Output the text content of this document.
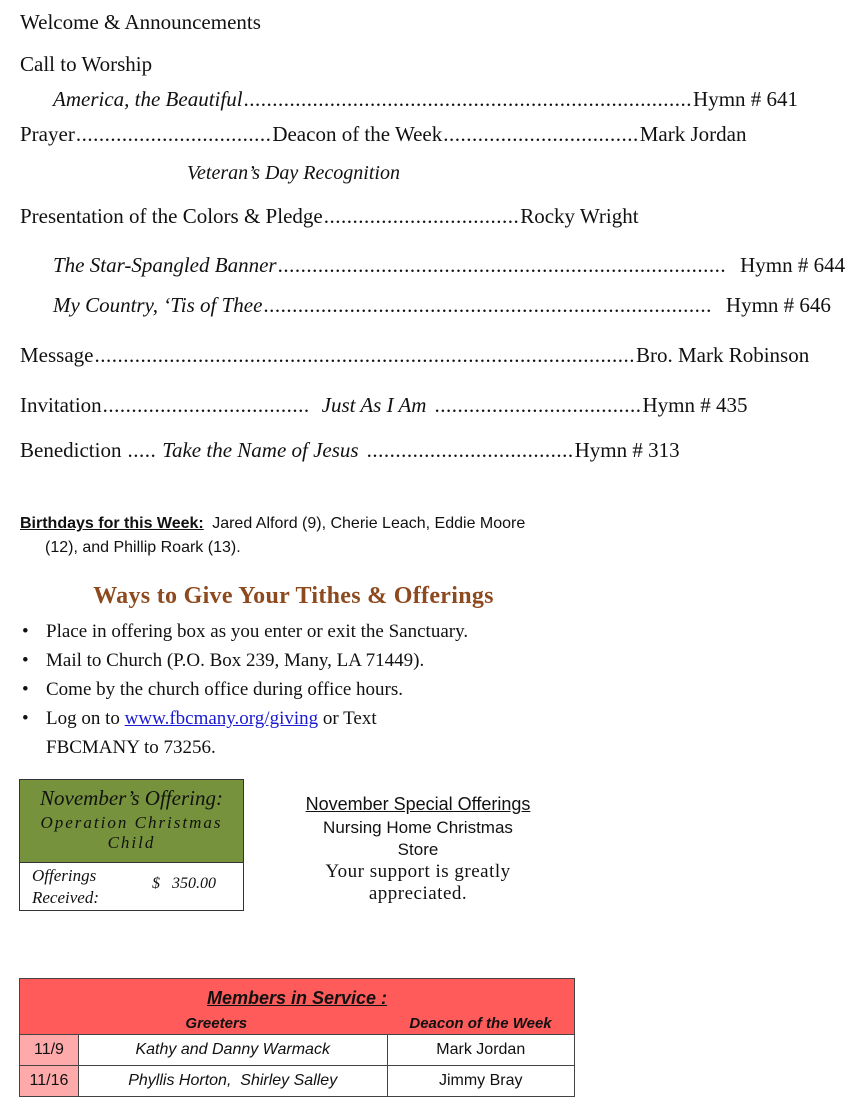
Welcome & Announcements
Call to Worship
America, the Beautiful .............................................................................. Hymn # 641
Prayer .................................. Deacon of the Week .................................. Mark Jordan
Veteran’s Day Recognition
Presentation of the Colors & Pledge .................................. Rocky Wright
The Star-Spangled Banner .............................................................................. Hymn # 644
My Country, ‘Tis of Thee .............................................................................. Hymn # 646
Message .............................................................................................. Bro. Mark Robinson
Invitation .................................... Just As I Am .................................... Hymn # 435
Benediction ..... Take the Name of Jesus .................................... Hymn # 313
Birthdays for this Week: Jared Alford (9), Cherie Leach, Eddie Moore
(12), and Phillip Roark (13).
Ways to Give Your Tithes & Offerings
• Place in offering box as you enter or exit the Sanctuary.
• Mail to Church (P.O. Box 239, Many, LA 71449).
• Come by the church office during office hours.
• Log on to www.fbcmany.org/giving or Text
FBCMANY to 73256.
November’s Offering:
Operation Christmas
Child
Offerings
Received:
$   350.00
November Special Offerings
Nursing Home Christmas
Store
Your support is greatly
appreciated.
Members in Service :		
	Greeters	Deacon of the Week
11/9	Kathy and Danny Warmack	Mark Jordan
11/16	Phyllis Horton,  Shirley Salley	Jimmy Bray
